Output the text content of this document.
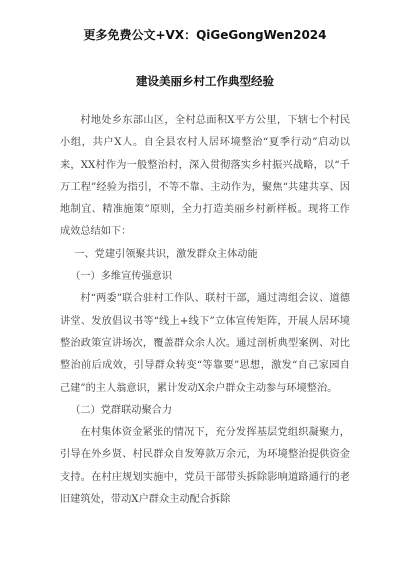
更多免费公文+VX：QiGeGongWen2024
建设美丽乡村工作典型经验

村地处乡东部山区，全村总面积X平方公里，下辖七个村民小组，共户X人。自全县农村人居环境整治“夏季行动”启动以来，XX村作为一般整治村，深入贯彻落实乡村振兴战略，以“千万工程”经验为指引，不等不靠、主动作为，聚焦“共建共享、因地制宜、精准施策”原则，全力打造美丽乡村新样板。现将工作成效总结如下：

一、党建引领聚共识，激发群众主体动能

（一）多维宣传强意识

村“两委”联合驻村工作队、联村干部，通过湾组会议、道德讲堂、发放倡议书等“线上+线下”立体宣传矩阵，开展人居环境整治政策宣讲场次，覆盖群众余人次。通过剖析典型案例、对比整治前后成效，引导群众转变“等靠要”思想，激发“自己家园自己建”的主人翁意识，累计发动X余户群众主动参与环境整治。

（二）党群联动聚合力

在村集体资金紧张的情况下，充分发挥基层党组织凝聚力，引导在外乡贤、村民群众自发筹款万余元，为环境整治提供资金支持。在村庄规划实施中，党员干部带头拆除影响道路通行的老旧建筑处，带动X户群众主动配合拆除
